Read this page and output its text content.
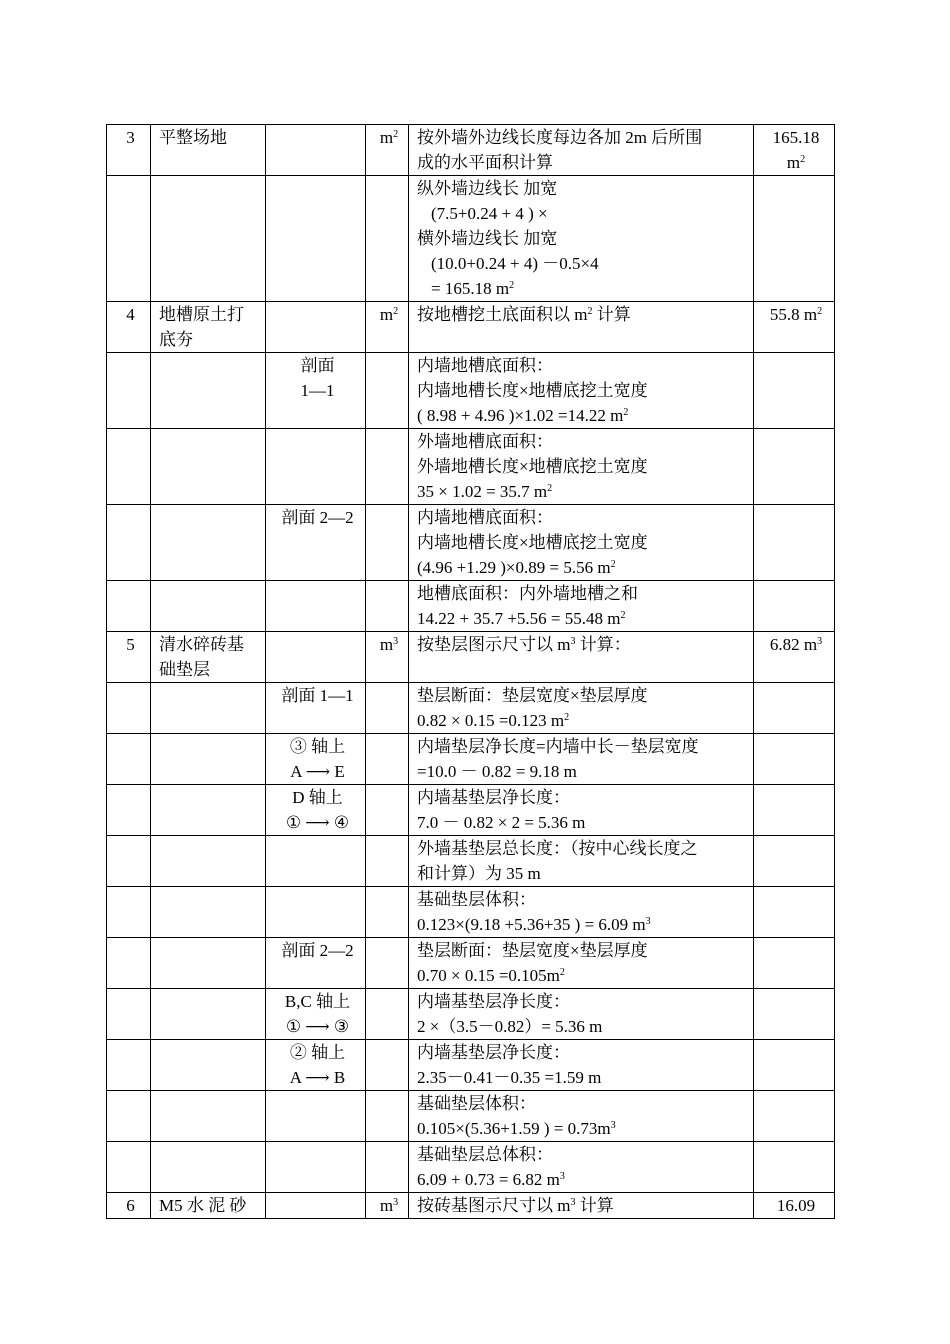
3	平整场地		$m^2$	按外墙外边线长度每边各加 2m 后所围
成的水平面积计算	165.18
$m^2$

				纵外墙边线长 加宽
(7.5+0.24 + 4 ) ×
横外墙边线长 加宽
(10.0+0.24 + 4) －0.5×4
= 165.18 $m^2$

4	地槽原土打
底夯		$m^2$	按地槽挖土底面积以 $m^2$ 计算	55.8 $m^2$

		剖面
1—1		内墙地槽底面积：
内墙地槽长度×地槽底挖土宽度
( 8.98 + 4.96 )×1.02 =14.22 $m^2$

				外墙地槽底面积：
外墙地槽长度×地槽底挖土宽度
35 × 1.02 = 35.7 $m^2$

		剖面 2—2		内墙地槽底面积：
内墙地槽长度×地槽底挖土宽度
(4.96 +1.29 )×0.89 = 5.56 $m^2$

				地槽底面积：内外墙地槽之和
14.22 + 35.7 +5.56 = 55.48 $m^2$

5	清水碎砖基
础垫层		$m^3$	按垫层图示尺寸以 $m^3$ 计算：	6.82 $m^3$

		剖面 1—1		垫层断面：垫层宽度×垫层厚度
0.82 × 0.15 =0.123 $m^2$

		③ 轴上
A ⟶ E		内墙垫层净长度=内墙中长－垫层宽度
=10.0 － 0.82 = 9.18 m	

		D 轴上
① ⟶ ④		内墙基垫层净长度：
7.0 － 0.82 × 2 = 5.36 m	

				外墙基垫层总长度：（按中心线长度之
和计算）为 35 m	

				基础垫层体积：
0.123×(9.18 +5.36+35 ) = 6.09 $m^3$

		剖面 2—2		垫层断面：垫层宽度×垫层厚度
$0.70 \times 0.15 =0.105m^2$

		B,C 轴上
① ⟶ ③		内墙基垫层净长度：
2 ×（3.5－0.82）= 5.36 m	

		② 轴上
A ⟶ B		内墙基垫层净长度：
2.35－0.41－0.35 =1.59 m	

				基础垫层体积：
0.105×(5.36+1.59 ) = $0.73m^3$

				基础垫层总体积：
6.09 + 0.73 = 6.82 $m^3$

6	M5 水 泥 砂		$m^3$	按砖基图示尺寸以 $m^3$ 计算	16.09
